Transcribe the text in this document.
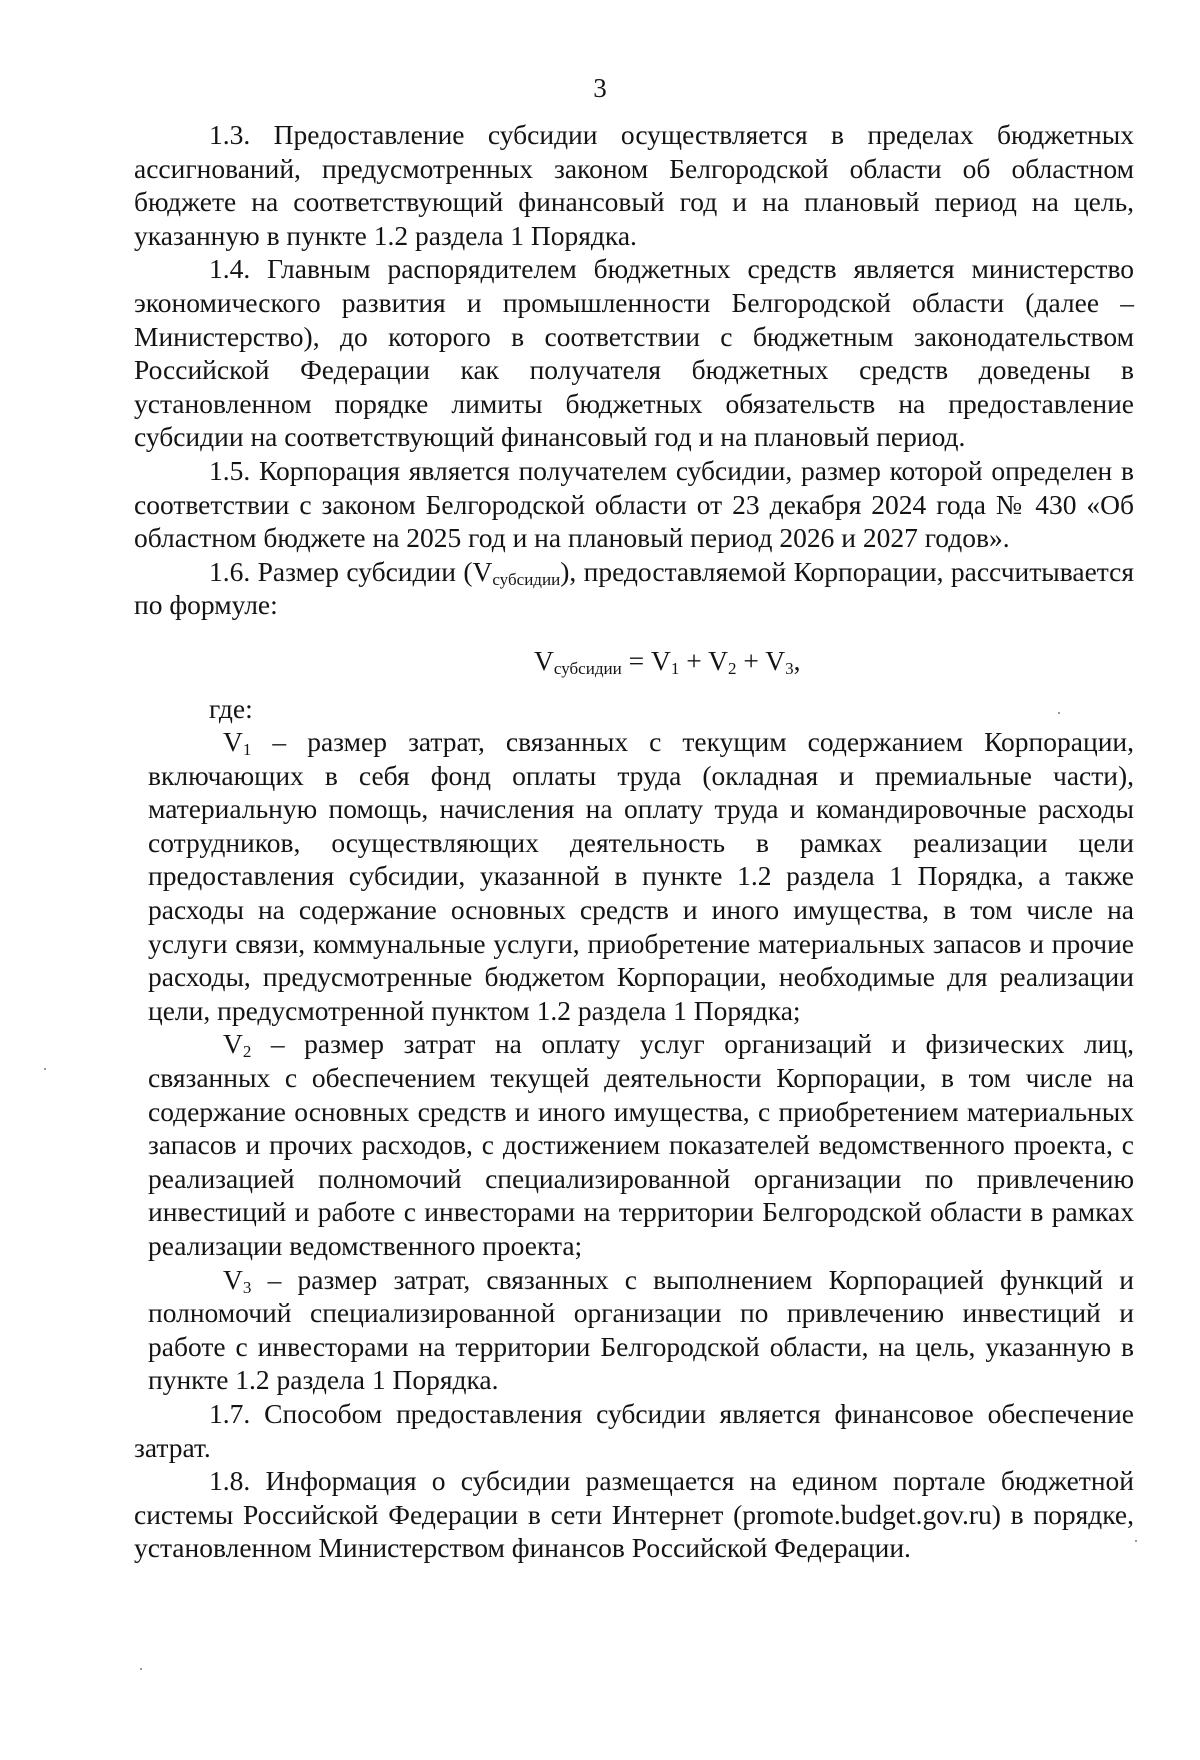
3

1.3. Предоставление субсидии осуществляется в пределах бюджетных ассигнований, предусмотренных законом Белгородской области об областном бюджете на соответствующий финансовый год и на плановый период на цель, указанную в пункте 1.2 раздела 1 Порядка.

1.4. Главным распорядителем бюджетных средств является министерство экономического развития и промышленности Белгородской области (далее – Министерство), до которого в соответствии с бюджетным законодательством Российской Федерации как получателя бюджетных средств доведены в установленном порядке лимиты бюджетных обязательств на предоставление субсидии на соответствующий финансовый год и на плановый период.

1.5. Корпорация является получателем субсидии, размер которой определен в соответствии с законом Белгородской области от 23 декабря 2024 года № 430 «Об областном бюджете на 2025 год и на плановый период 2026 и 2027 годов».

1.6. Размер субсидии $(V_{субсидии})$, предоставляемой Корпорации, рассчитывается по формуле:

$V_{субсидии} = V_1 + V_2 + V_3$,

где:

$V_1$ – размер затрат, связанных с текущим содержанием Корпорации, включающих в себя фонд оплаты труда (окладная и премиальные части), материальную помощь, начисления на оплату труда и командировочные расходы сотрудников, осуществляющих деятельность в рамках реализации цели предоставления субсидии, указанной в пункте 1.2 раздела 1 Порядка, а также расходы на содержание основных средств и иного имущества, в том числе на услуги связи, коммунальные услуги, приобретение материальных запасов и прочие расходы, предусмотренные бюджетом Корпорации, необходимые для реализации цели, предусмотренной пунктом 1.2 раздела 1 Порядка;

$V_2$ – размер затрат на оплату услуг организаций и физических лиц, связанных с обеспечением текущей деятельности Корпорации, в том числе на содержание основных средств и иного имущества, с приобретением материальных запасов и прочих расходов, с достижением показателей ведомственного проекта, с реализацией полномочий специализированной организации по привлечению инвестиций и работе с инвесторами на территории Белгородской области в рамках реализации ведомственного проекта;

$V_3$ – размер затрат, связанных с выполнением Корпорацией функций и полномочий специализированной организации по привлечению инвестиций и работе с инвесторами на территории Белгородской области, на цель, указанную в пункте 1.2 раздела 1 Порядка.

1.7. Способом предоставления субсидии является финансовое обеспечение затрат.

1.8. Информация о субсидии размещается на едином портале бюджетной системы Российской Федерации в сети Интернет (promote.budget.gov.ru) в порядке, установленном Министерством финансов Российской Федерации.
